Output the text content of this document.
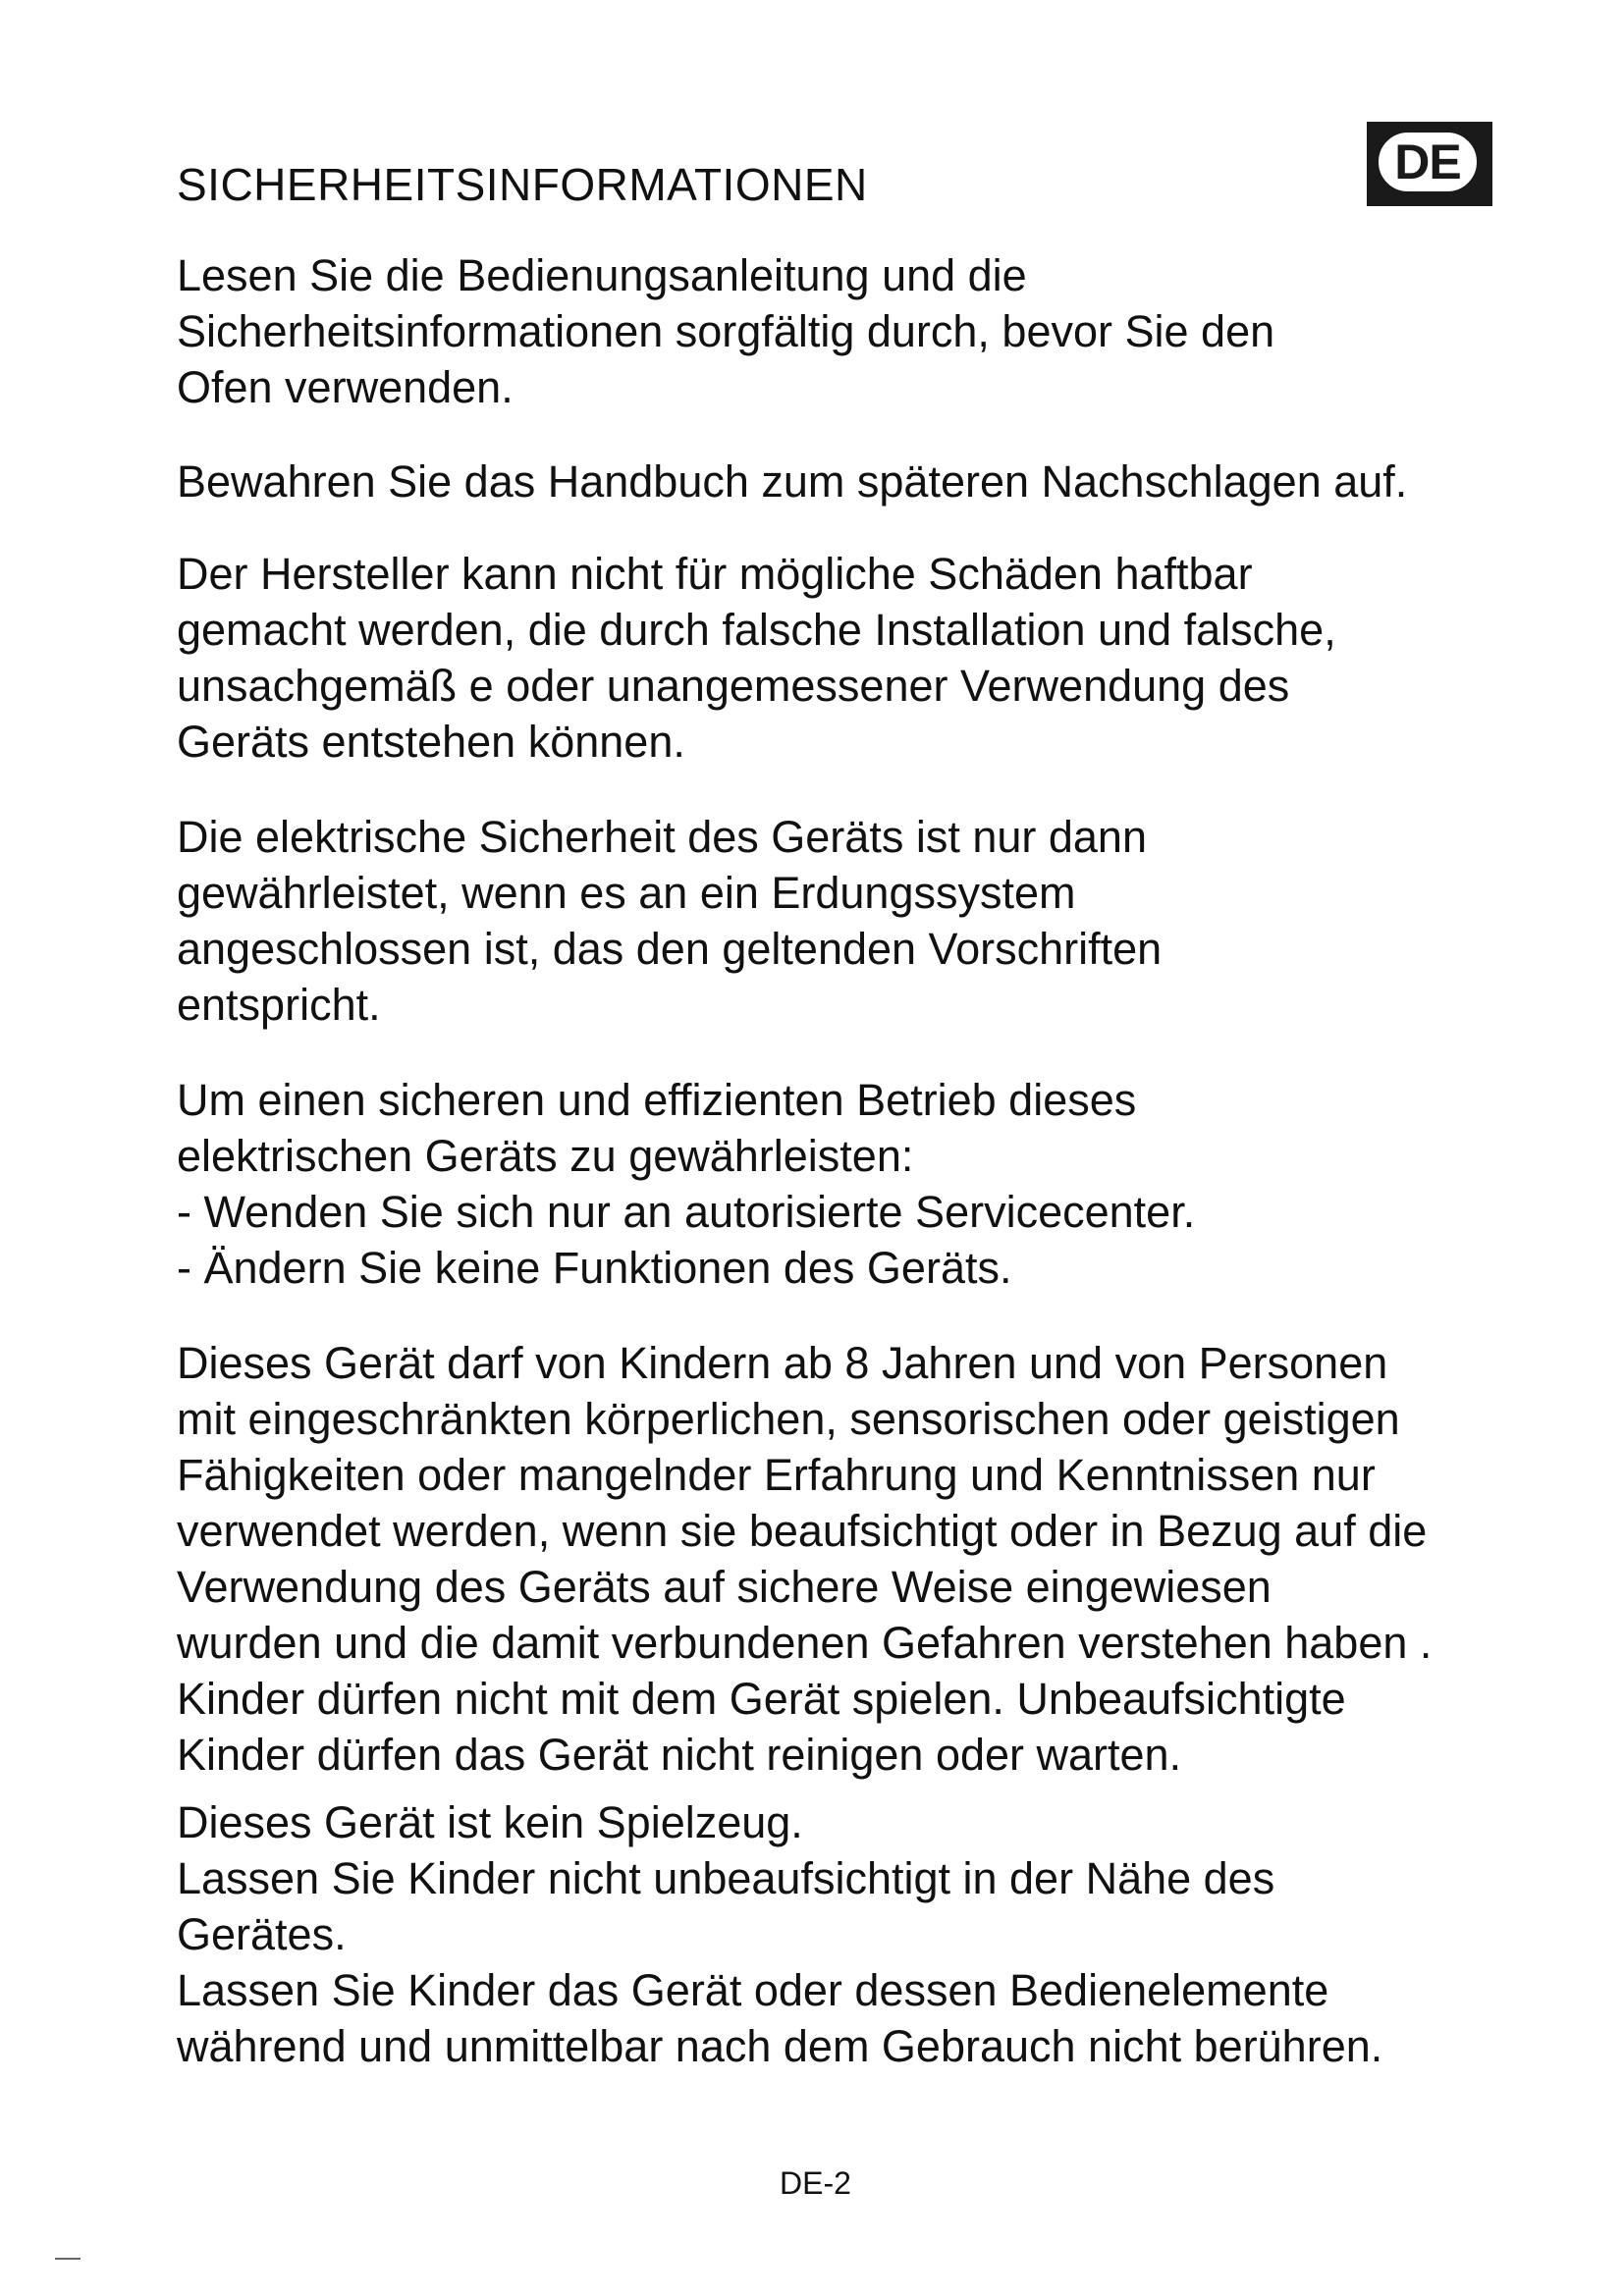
SICHERHEITSINFORMATIONEN	DE
Lesen Sie die Bedienungsanleitung und die
Sicherheitsinformationen sorgfältig durch, bevor Sie den
Ofen verwenden.
Bewahren Sie das Handbuch zum späteren Nachschlagen auf.
Der Hersteller kann nicht für mögliche Schäden haftbar
gemacht werden, die durch falsche Installation und falsche,
unsachgemäß e oder unangemessener Verwendung des
Geräts entstehen können.
Die elektrische Sicherheit des Geräts ist nur dann
gewährleistet, wenn es an ein Erdungssystem
angeschlossen ist, das den geltenden Vorschriften
entspricht.
Um einen sicheren und effizienten Betrieb dieses
elektrischen Geräts zu gewährleisten:
- Wenden Sie sich nur an autorisierte Servicecenter.
- Ändern Sie keine Funktionen des Geräts.
Dieses Gerät darf von Kindern ab 8 Jahren und von Personen
mit eingeschränkten körperlichen, sensorischen oder geistigen
Fähigkeiten oder mangelnder Erfahrung und Kenntnissen nur
verwendet werden, wenn sie beaufsichtigt oder in Bezug auf die
Verwendung des Geräts auf sichere Weise eingewiesen
wurden und die damit verbundenen Gefahren verstehen haben .
Kinder dürfen nicht mit dem Gerät spielen. Unbeaufsichtigte
Kinder dürfen das Gerät nicht reinigen oder warten.
Dieses Gerät ist kein Spielzeug.
Lassen Sie Kinder nicht unbeaufsichtigt in der Nähe des
Gerätes.
Lassen Sie Kinder das Gerät oder dessen Bedienelemente
während und unmittelbar nach dem Gebrauch nicht berühren.
DE-2
